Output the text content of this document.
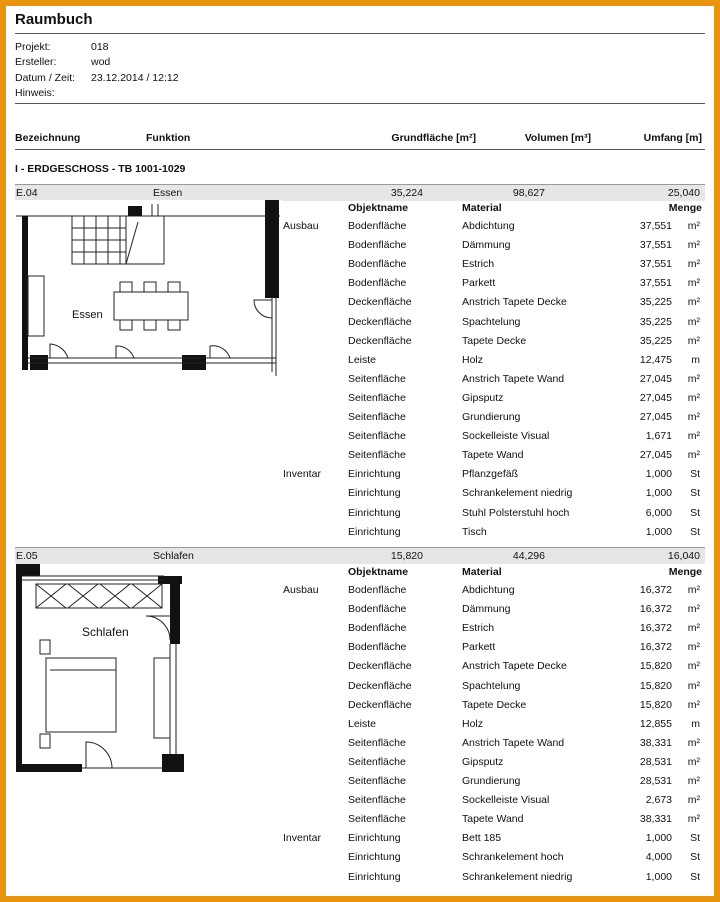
Raumbuch
Projekt:	018
Ersteller:	wod
Datum / Zeit:	23.12.2014 / 12:12
Hinweis:
Bezeichnung	Funktion	Grundfläche [m²]	Volumen [m³]	Umfang [m]
I - ERDGESCHOSS - TB 1001-1029
E.04	Essen	35,224	98,627	25,040
Objektname	Material	Menge
Ausbau	Bodenfläche	Abdichtung	37,551 m²
Bodenfläche	Dämmung	37,551 m²
Bodenfläche	Estrich	37,551 m²
Bodenfläche	Parkett	37,551 m²
Deckenfläche	Anstrich Tapete Decke	35,225 m²
Deckenfläche	Spachtelung	35,225 m²
Deckenfläche	Tapete Decke	35,225 m²
Leiste	Holz	12,475 m
Seitenfläche	Anstrich Tapete Wand	27,045 m²
Seitenfläche	Gipsputz	27,045 m²
Seitenfläche	Grundierung	27,045 m²
Seitenfläche	Sockelleiste Visual	1,671 m²
Seitenfläche	Tapete Wand	27,045 m²
Inventar	Einrichtung	Pflanzgefäß	1,000 St
Einrichtung	Schrankelement niedrig	1,000 St
Einrichtung	Stuhl Polsterstuhl hoch	6,000 St
Einrichtung	Tisch	1,000 St
E.05	Schlafen	15,820	44,296	16,040
Objektname	Material	Menge
Ausbau	Bodenfläche	Abdichtung	16,372 m²
Bodenfläche	Dämmung	16,372 m²
Bodenfläche	Estrich	16,372 m²
Bodenfläche	Parkett	16,372 m²
Deckenfläche	Anstrich Tapete Decke	15,820 m²
Deckenfläche	Spachtelung	15,820 m²
Deckenfläche	Tapete Decke	15,820 m²
Leiste	Holz	12,855 m
Seitenfläche	Anstrich Tapete Wand	38,331 m²
Seitenfläche	Gipsputz	28,531 m²
Seitenfläche	Grundierung	28,531 m²
Seitenfläche	Sockelleiste Visual	2,673 m²
Seitenfläche	Tapete Wand	38,331 m²
Inventar	Einrichtung	Bett 185	1,000 St
Einrichtung	Schrankelement hoch	4,000 St
Einrichtung	Schrankelement niedrig	1,000 St
Essen
Schlafen
